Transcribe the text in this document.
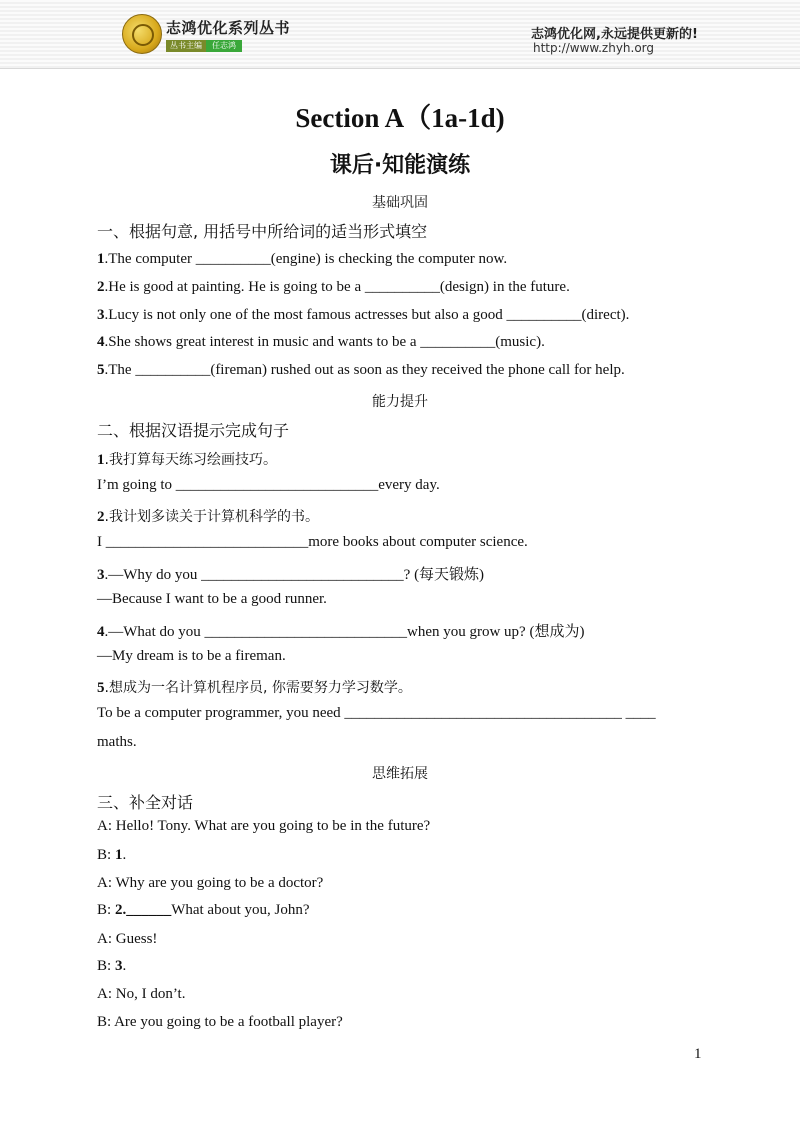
志鸿优化系列丛书
丛书主编	任志鸿
志鸿优化网,永远提供更新的!
http://www.zhyh.org
Section A（1a-1d)
课后·知能演练
基础巩固
一、根据句意, 用括号中所给词的适当形式填空
1.The computer __________(engine) is checking the computer now.
2.He is good at painting. He is going to be a __________(design) in the future.
3.Lucy is not only one of the most famous actresses but also a good __________(direct).
4.She shows great interest in music and wants to be a __________(music).
5.The __________(fireman) rushed out as soon as they received the phone call for help.
能力提升
二、根据汉语提示完成句子
1.我打算每天练习绘画技巧。
I’m going to ___________________________every day.
2.我计划多读关于计算机科学的书。
I ___________________________more books about computer science.
3.—Why do you ___________________________? (每天锻炼)
—Because I want to be a good runner.
4.—What do you ___________________________when you grow up? (想成为)
—My dream is to be a fireman.
5.想成为一名计算机程序员, 你需要努力学习数学。
To be a computer programmer, you need _____________________________________ ____
maths.
思维拓展
三、补全对话
A: Hello! Tony. What are you going to be in the future?
B: 1.
A: Why are you going to be a doctor?
B: 2.______What about you, John?
A: Guess!
B: 3.
A: No, I don’t.
B: Are you going to be a football player?
1
